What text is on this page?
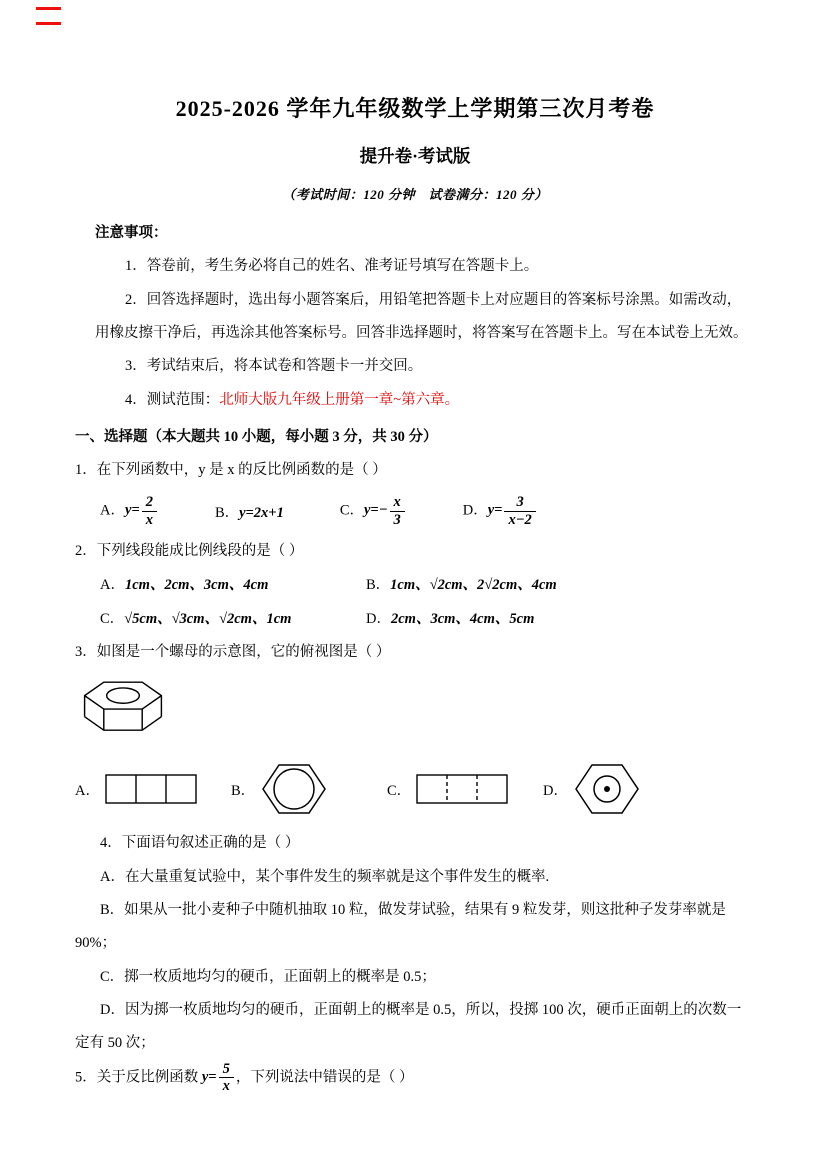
2025-2026 学年九年级数学上学期第三次月考卷
提升卷·考试版
（考试时间：120 分钟　试卷满分：120 分）
注意事项：

1．答卷前，考生务必将自己的姓名、准考证号填写在答题卡上。

2．回答选择题时，选出每小题答案后，用铅笔把答题卡上对应题目的答案标号涂黑。如需改动，用橡皮擦干净后，再选涂其他答案标号。回答非选择题时，将答案写在答题卡上。写在本试卷上无效。

3．考试结束后，将本试卷和答题卡一并交回。

4．测试范围：北师大版九年级上册第一章~第六章。

一、选择题（本大题共 10 小题，每小题 3 分，共 30 分）

1．在下列函数中，y 是 x 的反比例函数的是（ ）

A．$y= \frac{2}{x}$	B．y=2x+1	C．$y=- \frac{x}{3}$	D．$y= \frac{3}{x-2}$

2．下列线段能成比例线段的是（ ）

A．1cm、2cm、3cm、4cm	B．1cm、√2cm、2√2cm、4cm
C．√5cm、√3cm、√2cm、1cm	D．2cm、3cm、4cm、5cm

3．如图是一个螺母的示意图，它的俯视图是（ ）

A．	B．	C．	D．

4．下面语句叙述正确的是（ ）

A．在大量重复试验中，某个事件发生的频率就是这个事件发生的概率.

B．如果从一批小麦种子中随机抽取 10 粒，做发芽试验，结果有 9 粒发芽，则这批种子发芽率就是 90%；

C．掷一枚质地均匀的硬币，正面朝上的概率是 0.5；

D．因为掷一枚质地均匀的硬币，正面朝上的概率是 0.5，所以，投掷 100 次，硬币正面朝上的次数一定有 50 次；

5．关于反比例函数 $y= \frac{5}{x}$ ，下列说法中错误的是（ ）
